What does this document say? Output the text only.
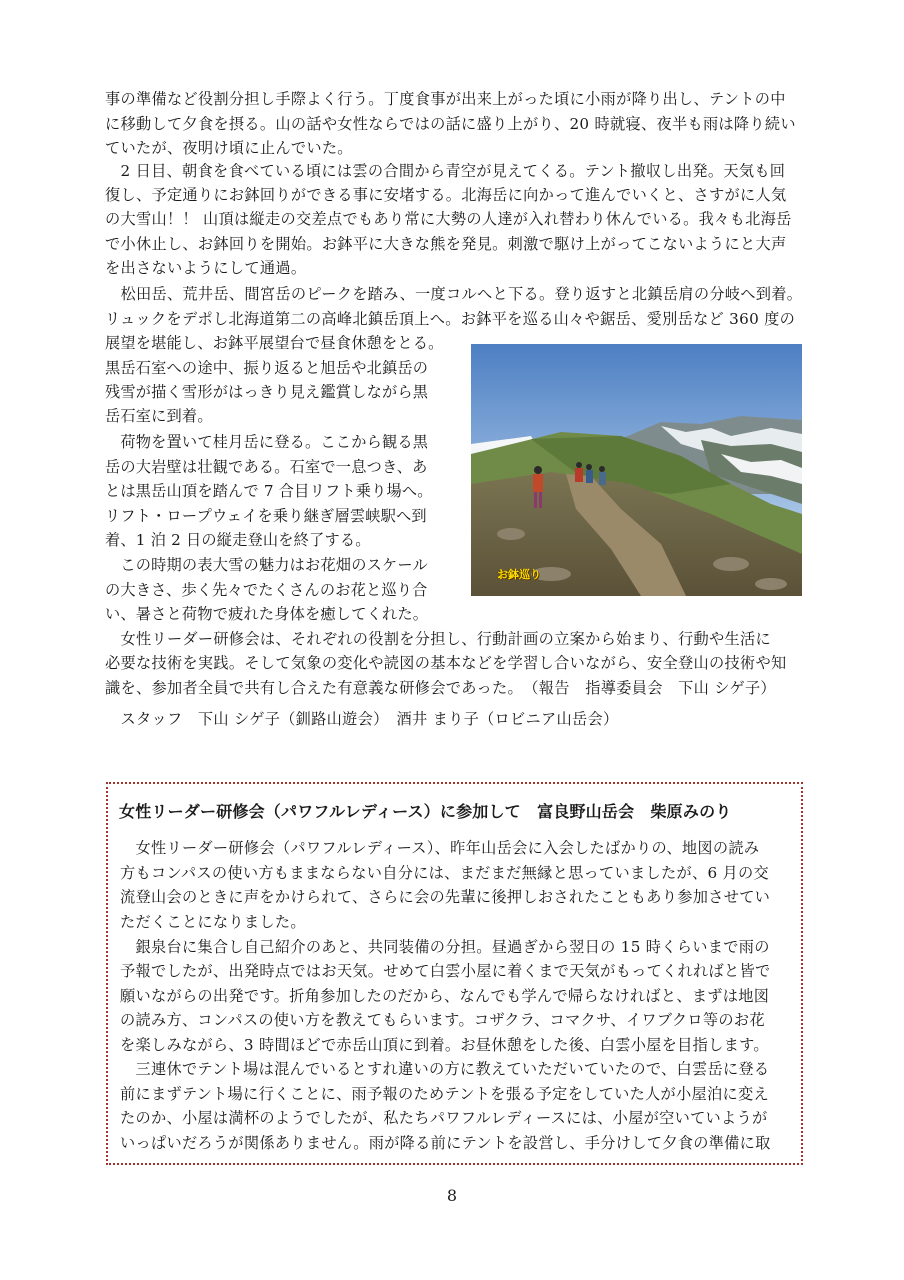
事の準備など役割分担し手際よく行う。丁度食事が出来上がった頃に小雨が降り出し、テントの中
に移動して夕食を摂る。山の話や女性ならではの話に盛り上がり、20 時就寝、夜半も雨は降り続い
ていたが、夜明け頃に止んでいた。
　2 日目、朝食を食べている頃には雲の合間から青空が見えてくる。テント撤収し出発。天気も回
復し、予定通りにお鉢回りができる事に安堵する。北海岳に向かって進んでいくと、さすがに人気
の大雪山！！ 山頂は縦走の交差点でもあり常に大勢の人達が入れ替わり休んでいる。我々も北海岳
で小休止し、お鉢回りを開始。お鉢平に大きな熊を発見。刺激で駆け上がってこないようにと大声
を出さないようにして通過。
　松田岳、荒井岳、間宮岳のピークを踏み、一度コルへと下る。登り返すと北鎮岳肩の分岐へ到着。
リュックをデポし北海道第二の高峰北鎮岳頂上へ。お鉢平を巡る山々や鋸岳、愛別岳など 360 度の
展望を堪能し、お鉢平展望台で昼食休憩をとる。
黒岳石室への途中、振り返ると旭岳や北鎮岳の
残雪が描く雪形がはっきり見え鑑賞しながら黒
岳石室に到着。
　荷物を置いて桂月岳に登る。ここから観る黒
岳の大岩壁は壮観である。石室で一息つき、あ
とは黒岳山頂を踏んで 7 合目リフト乗り場へ。
リフト・ロープウェイを乗り継ぎ層雲峡駅へ到
着、1 泊 2 日の縦走登山を終了する。
　この時期の表大雪の魅力はお花畑のスケール
の大きさ、歩く先々でたくさんのお花と巡り合
い、暑さと荷物で疲れた身体を癒してくれた。
お鉢巡り
　女性リーダー研修会は、それぞれの役割を分担し、行動計画の立案から始まり、行動や生活に
必要な技術を実践。そして気象の変化や読図の基本などを学習し合いながら、安全登山の技術や知
識を、参加者全員で共有し合えた有意義な研修会であった。　（報告　指導委員会　下山 シゲ子）
　スタッフ　下山 シゲ子（釧路山遊会）　酒井 まり子（ロビニア山岳会）
女性リーダー研修会（パワフルレディース）に参加して　富良野山岳会　柴原みのり
　女性リーダー研修会（パワフルレディース）、昨年山岳会に入会したばかりの、地図の読み
方もコンパスの使い方もままならない自分には、まだまだ無縁と思っていましたが、6 月の交
流登山会のときに声をかけられて、さらに会の先輩に後押しおされたこともあり参加させてい
ただくことになりました。
　銀泉台に集合し自己紹介のあと、共同装備の分担。昼過ぎから翌日の 15 時くらいまで雨の
予報でしたが、出発時点ではお天気。せめて白雲小屋に着くまで天気がもってくれればと皆で
願いながらの出発です。折角参加したのだから、なんでも学んで帰らなければと、まずは地図
の読み方、コンパスの使い方を教えてもらいます。コザクラ、コマクサ、イワブクロ等のお花
を楽しみながら、3 時間ほどで赤岳山頂に到着。お昼休憩をした後、白雲小屋を目指します。
　三連休でテント場は混んでいるとすれ違いの方に教えていただいていたので、白雲岳に登る
前にまずテント場に行くことに、雨予報のためテントを張る予定をしていた人が小屋泊に変え
たのか、小屋は満杯のようでしたが、私たちパワフルレディースには、小屋が空いていようが
いっぱいだろうが関係ありません。雨が降る前にテントを設営し、手分けして夕食の準備に取
8
